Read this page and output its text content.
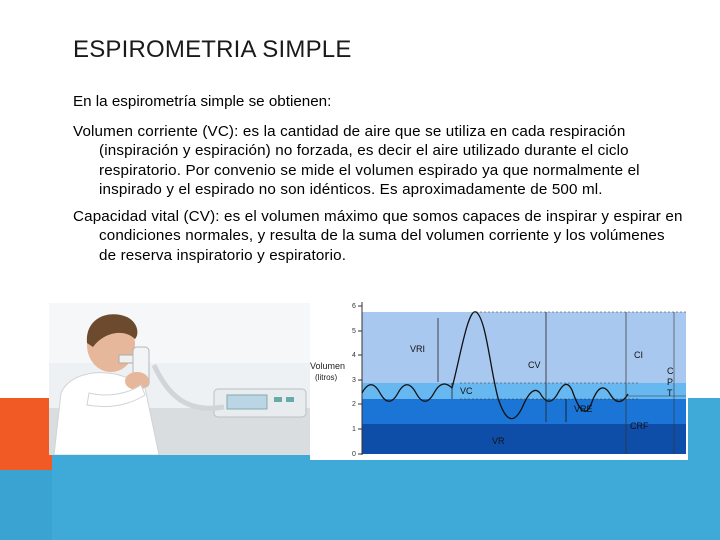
ESPIROMETRIA SIMPLE

En la espirometría simple se obtienen:

Volumen corriente (VC): es la cantidad de aire que se utiliza en cada respiración (inspiración y espiración) no forzada, es decir el aire utilizado durante el ciclo respiratorio. Por convenio se mide el volumen espirado ya que normalmente el inspirado y el espirado no son idénticos. Es aproximadamente de 500 ml.

Capacidad vital (CV): es el volumen máximo que somos capaces de inspirar y espirar en condiciones normales, y resulta de la suma del volumen corriente y los volúmenes de reserva inspiratorio y espiratorio.

6
5
4
3
2
1
0
Volumen
(litros)
VRI
CV
VC
VRE
VR
CI
CRF
C
P
T
